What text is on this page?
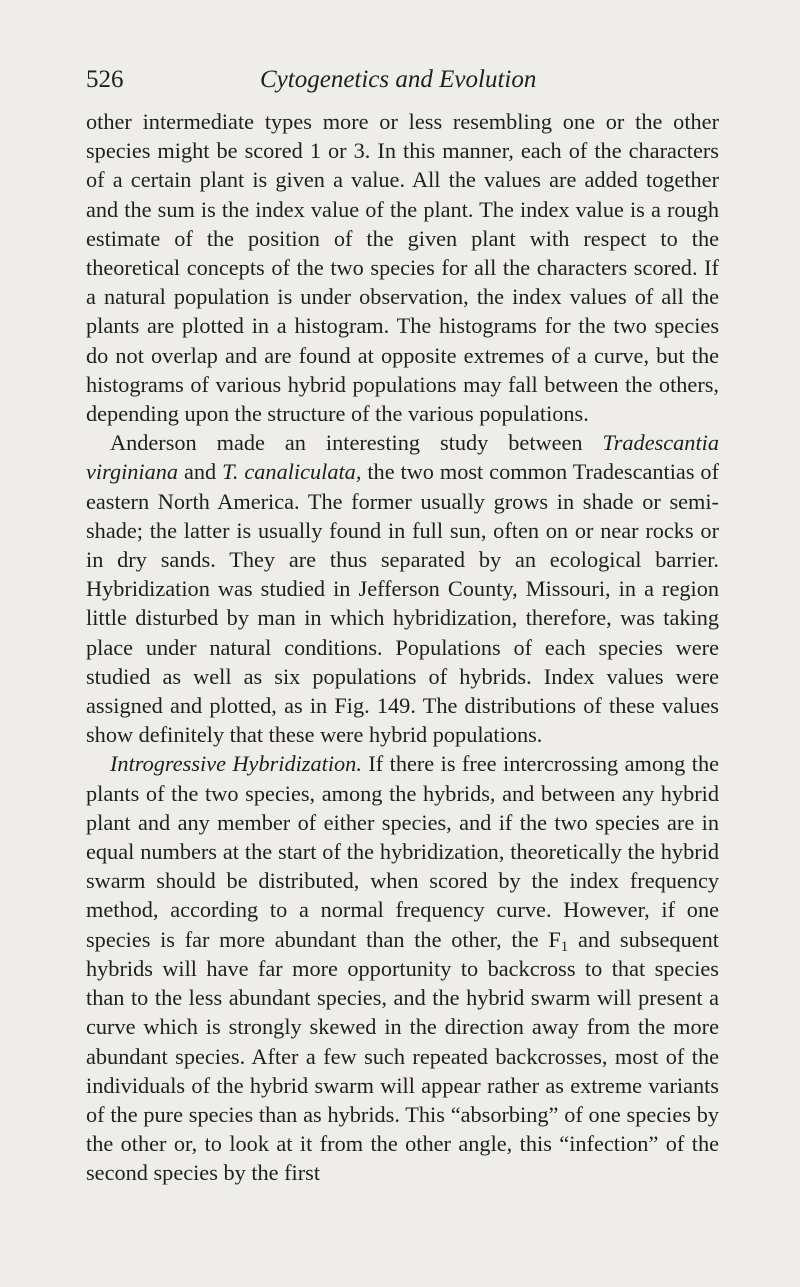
526	Cytogenetics and Evolution

other intermediate types more or less resembling one or the other species might be scored 1 or 3. In this manner, each of the characters of a certain plant is given a value. All the values are added together and the sum is the index value of the plant. The index value is a rough estimate of the position of the given plant with respect to the theoretical concepts of the two species for all the characters scored. If a natural population is under observation, the index values of all the plants are plotted in a histogram. The histograms for the two species do not overlap and are found at opposite extremes of a curve, but the histograms of various hybrid populations may fall between the others, depending upon the structure of the various populations.

Anderson made an interesting study between Tradescantia virginiana and T. canaliculata, the two most common Tradescantias of eastern North America. The former usually grows in shade or semi-shade; the latter is usually found in full sun, often on or near rocks or in dry sands. They are thus separated by an ecological barrier. Hybridization was studied in Jefferson County, Missouri, in a region little disturbed by man in which hybridization, therefore, was taking place under natural conditions. Populations of each species were studied as well as six populations of hybrids. Index values were assigned and plotted, as in Fig. 149. The distributions of these values show definitely that these were hybrid populations.

Introgressive Hybridization. If there is free intercrossing among the plants of the two species, among the hybrids, and between any hybrid plant and any member of either species, and if the two species are in equal numbers at the start of the hybridization, theoretically the hybrid swarm should be distributed, when scored by the index frequency method, according to a normal frequency curve. However, if one species is far more abundant than the other, the $F_1$ and subsequent hybrids will have far more opportunity to backcross to that species than to the less abundant species, and the hybrid swarm will present a curve which is strongly skewed in the direction away from the more abundant species. After a few such repeated backcrosses, most of the individuals of the hybrid swarm will appear rather as extreme variants of the pure species than as hybrids. This “absorbing” of one species by the other or, to look at it from the other angle, this “infection” of the second species by the first
